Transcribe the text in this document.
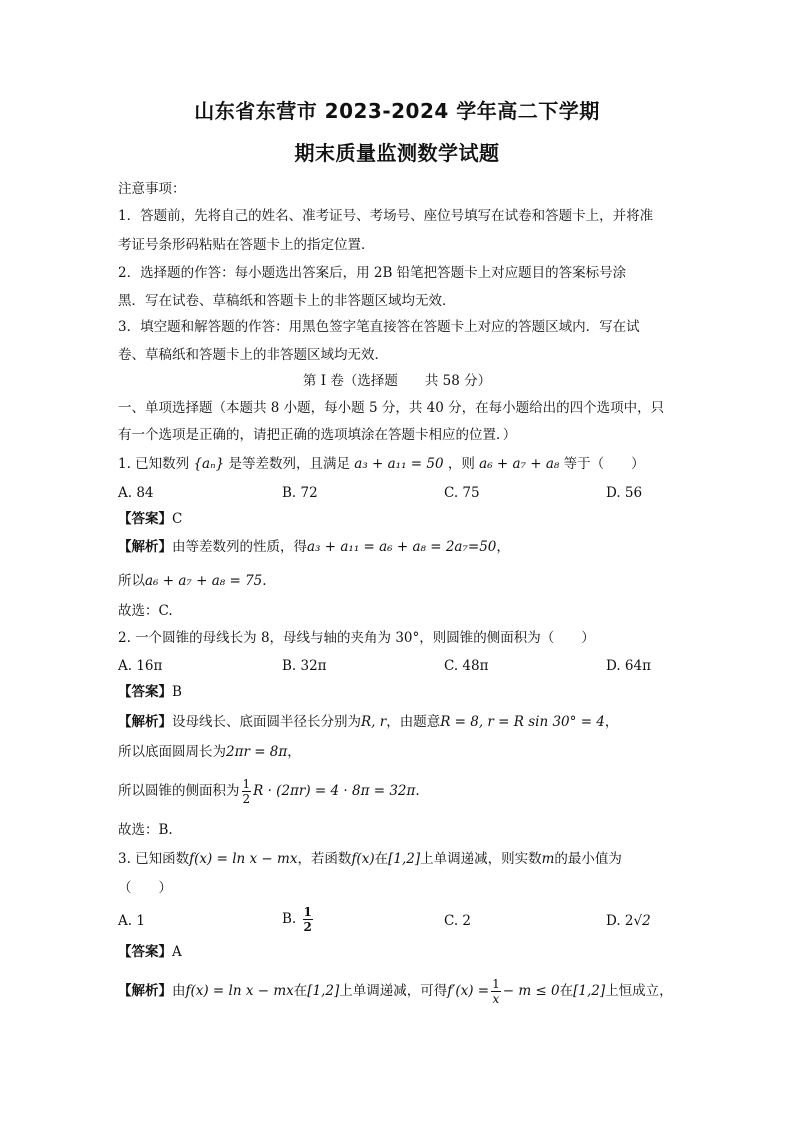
山东省东营市 2023-2024 学年高二下学期
期末质量监测数学试题
注意事项：
1．答题前，先将自己的姓名、准考证号、考场号、座位号填写在试卷和答题卡上，并将准
考证号条形码粘贴在答题卡上的指定位置．
2．选择题的作答：每小题选出答案后，用 2B 铅笔把答题卡上对应题目的答案标号涂
黑．写在试卷、草稿纸和答题卡上的非答题区域均无效．
3．填空题和解答题的作答：用黑色签字笔直接答在答题卡上对应的答题区域内．写在试
卷、草稿纸和答题卡上的非答题区域均无效．
第 I 卷（选择题　　共 58 分）
一、单项选择题（本题共 8 小题，每小题 5 分，共 40 分，在每小题给出的四个选项中，只
有一个选项是正确的，请把正确的选项填涂在答题卡相应的位置．）
1. 已知数列 {aₙ} 是等差数列，且满足 a₃ + a₁₁ = 50 ，则 a₆ + a₇ + a₈ 等于（　　）
A. 84	B. 72	C. 75	D. 56
【答案】C
【解析】由等差数列的性质，得a₃ + a₁₁ = a₆ + a₈ = 2a₇=50，
所以a₆ + a₇ + a₈ = 75.
故选：C.
2. 一个圆锥的母线长为 8，母线与轴的夹角为 30°，则圆锥的侧面积为（　　）
A. 16π	B. 32π	C. 48π	D. 64π
【答案】B
【解析】设母线长、底面圆半径长分别为R, r，由题意R = 8, r = R sin 30° = 4，
所以底面圆周长为2πr = 8π，
所以圆锥的侧面积为 $\frac{1}{2}$ R · (2πr) = 4 · 8π = 32π.
故选：B.
3. 已知函数f(x) = ln x − mx，若函数f(x)在[1,2]上单调递减，则实数m的最小值为
（　　）
A. 1	B. $\frac{1}{2}$	C. 2	D. 2√2
【答案】A
【解析】由f(x) = ln x − mx在[1,2]上单调递减，可得$f'(x) = \frac{1}{x} - m \le 0$在[1,2]上恒成立，
